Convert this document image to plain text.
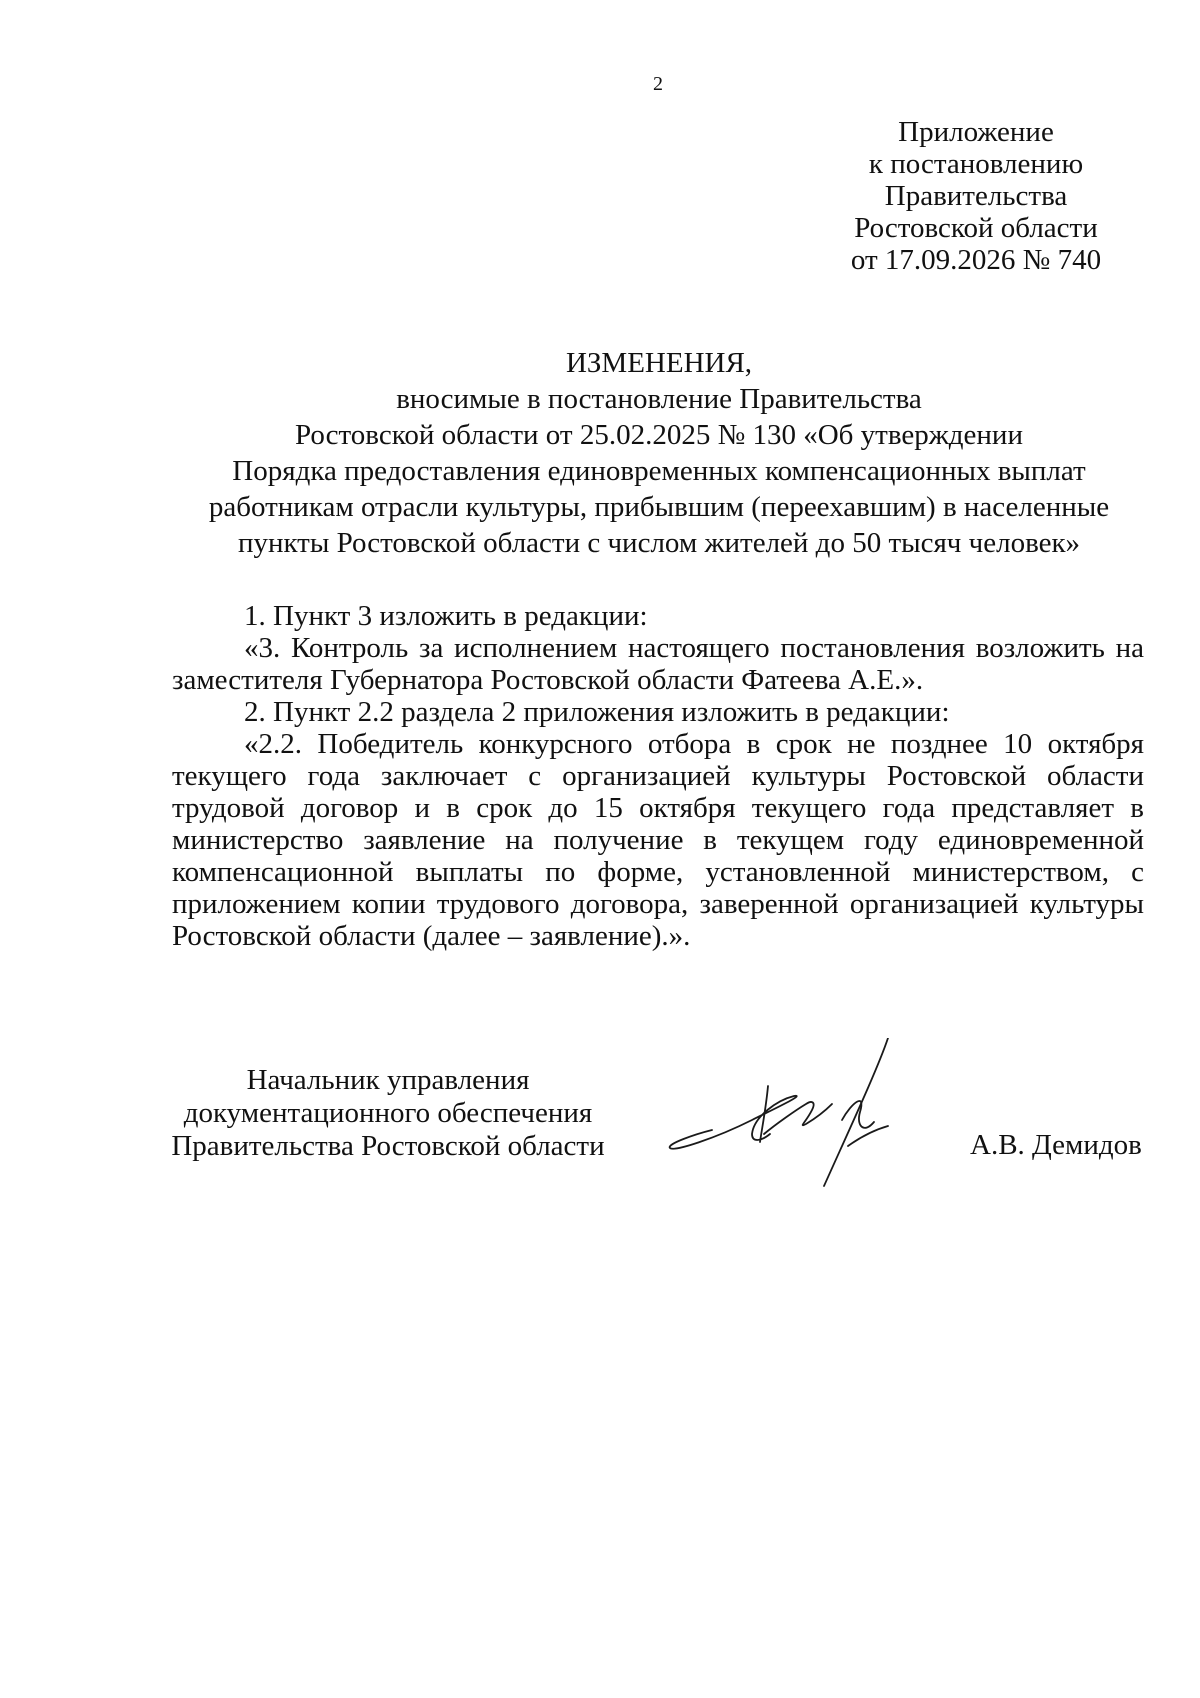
2
Приложение
к постановлению
Правительства
Ростовской области
от 17.09.2026 № 740
ИЗМЕНЕНИЯ,
вносимые в постановление Правительства
Ростовской области от 25.02.2025 № 130 «Об утверждении
Порядка предоставления единовременных компенсационных выплат
работникам отрасли культуры, прибывшим (переехавшим) в населенные
пункты Ростовской области с числом жителей до 50 тысяч человек»

1. Пункт 3 изложить в редакции:

«3. Контроль за исполнением настоящего постановления возложить на заместителя Губернатора Ростовской области Фатеева А.Е.».

2. Пункт 2.2 раздела 2 приложения изложить в редакции:

«2.2. Победитель конкурсного отбора в срок не позднее 10 октября текущего года заключает с организацией культуры Ростовской области трудовой договор и в срок до 15 октября текущего года представляет в министерство заявление на получение в текущем году единовременной компенсационной выплаты по форме, установленной министерством, с приложением копии трудового договора, заверенной организацией культуры Ростовской области (далее – заявление).».

Начальник управления
документационного обеспечения
Правительства Ростовской области	А.В. Демидов
